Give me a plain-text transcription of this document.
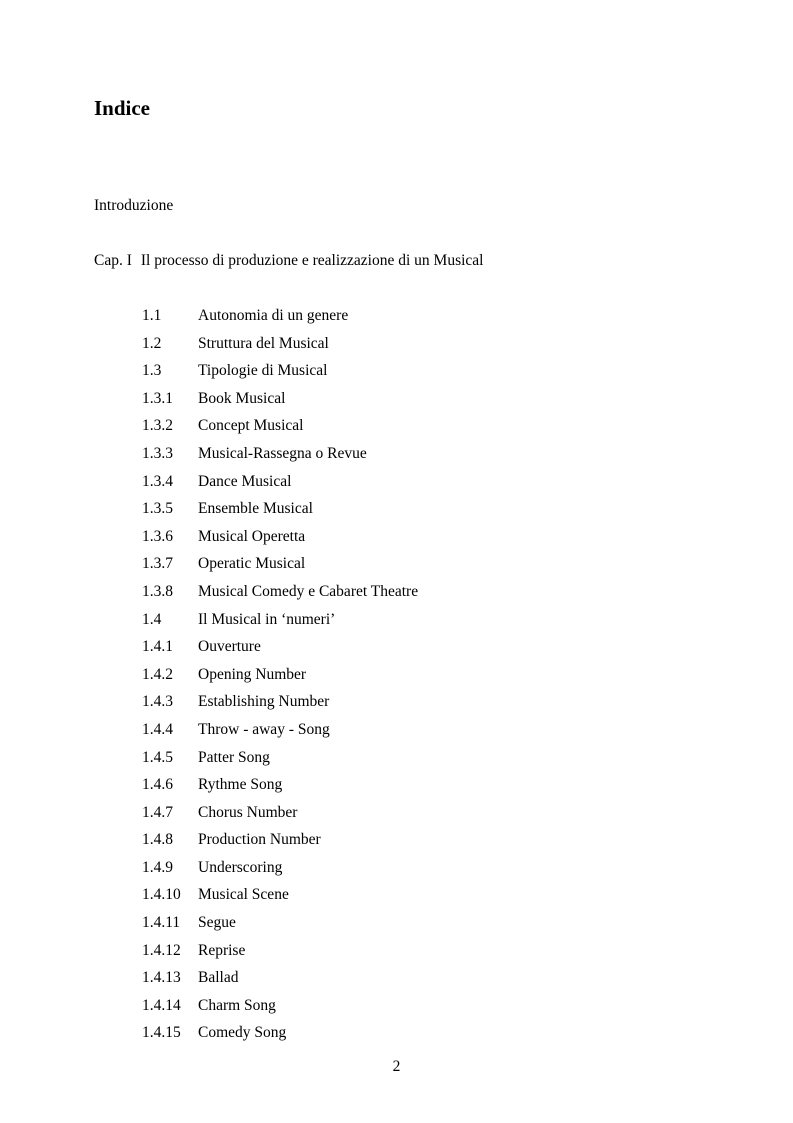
Indice
Introduzione
Cap. I Il processo di produzione e realizzazione di un Musical
1.1	Autonomia di un genere
1.2	Struttura del Musical
1.3	Tipologie di Musical
1.3.1	Book Musical
1.3.2	Concept Musical
1.3.3	Musical-Rassegna o Revue
1.3.4	Dance Musical
1.3.5	Ensemble Musical
1.3.6	Musical Operetta
1.3.7	Operatic Musical
1.3.8	Musical Comedy e Cabaret Theatre
1.4	Il Musical in ‘numeri’
1.4.1	Ouverture
1.4.2	Opening Number
1.4.3	Establishing Number
1.4.4	Throw - away - Song
1.4.5	Patter Song
1.4.6	Rythme Song
1.4.7	Chorus Number
1.4.8	Production Number
1.4.9	Underscoring
1.4.10	Musical Scene
1.4.11	Segue
1.4.12	Reprise
1.4.13	Ballad
1.4.14	Charm Song
1.4.15	Comedy Song
2
